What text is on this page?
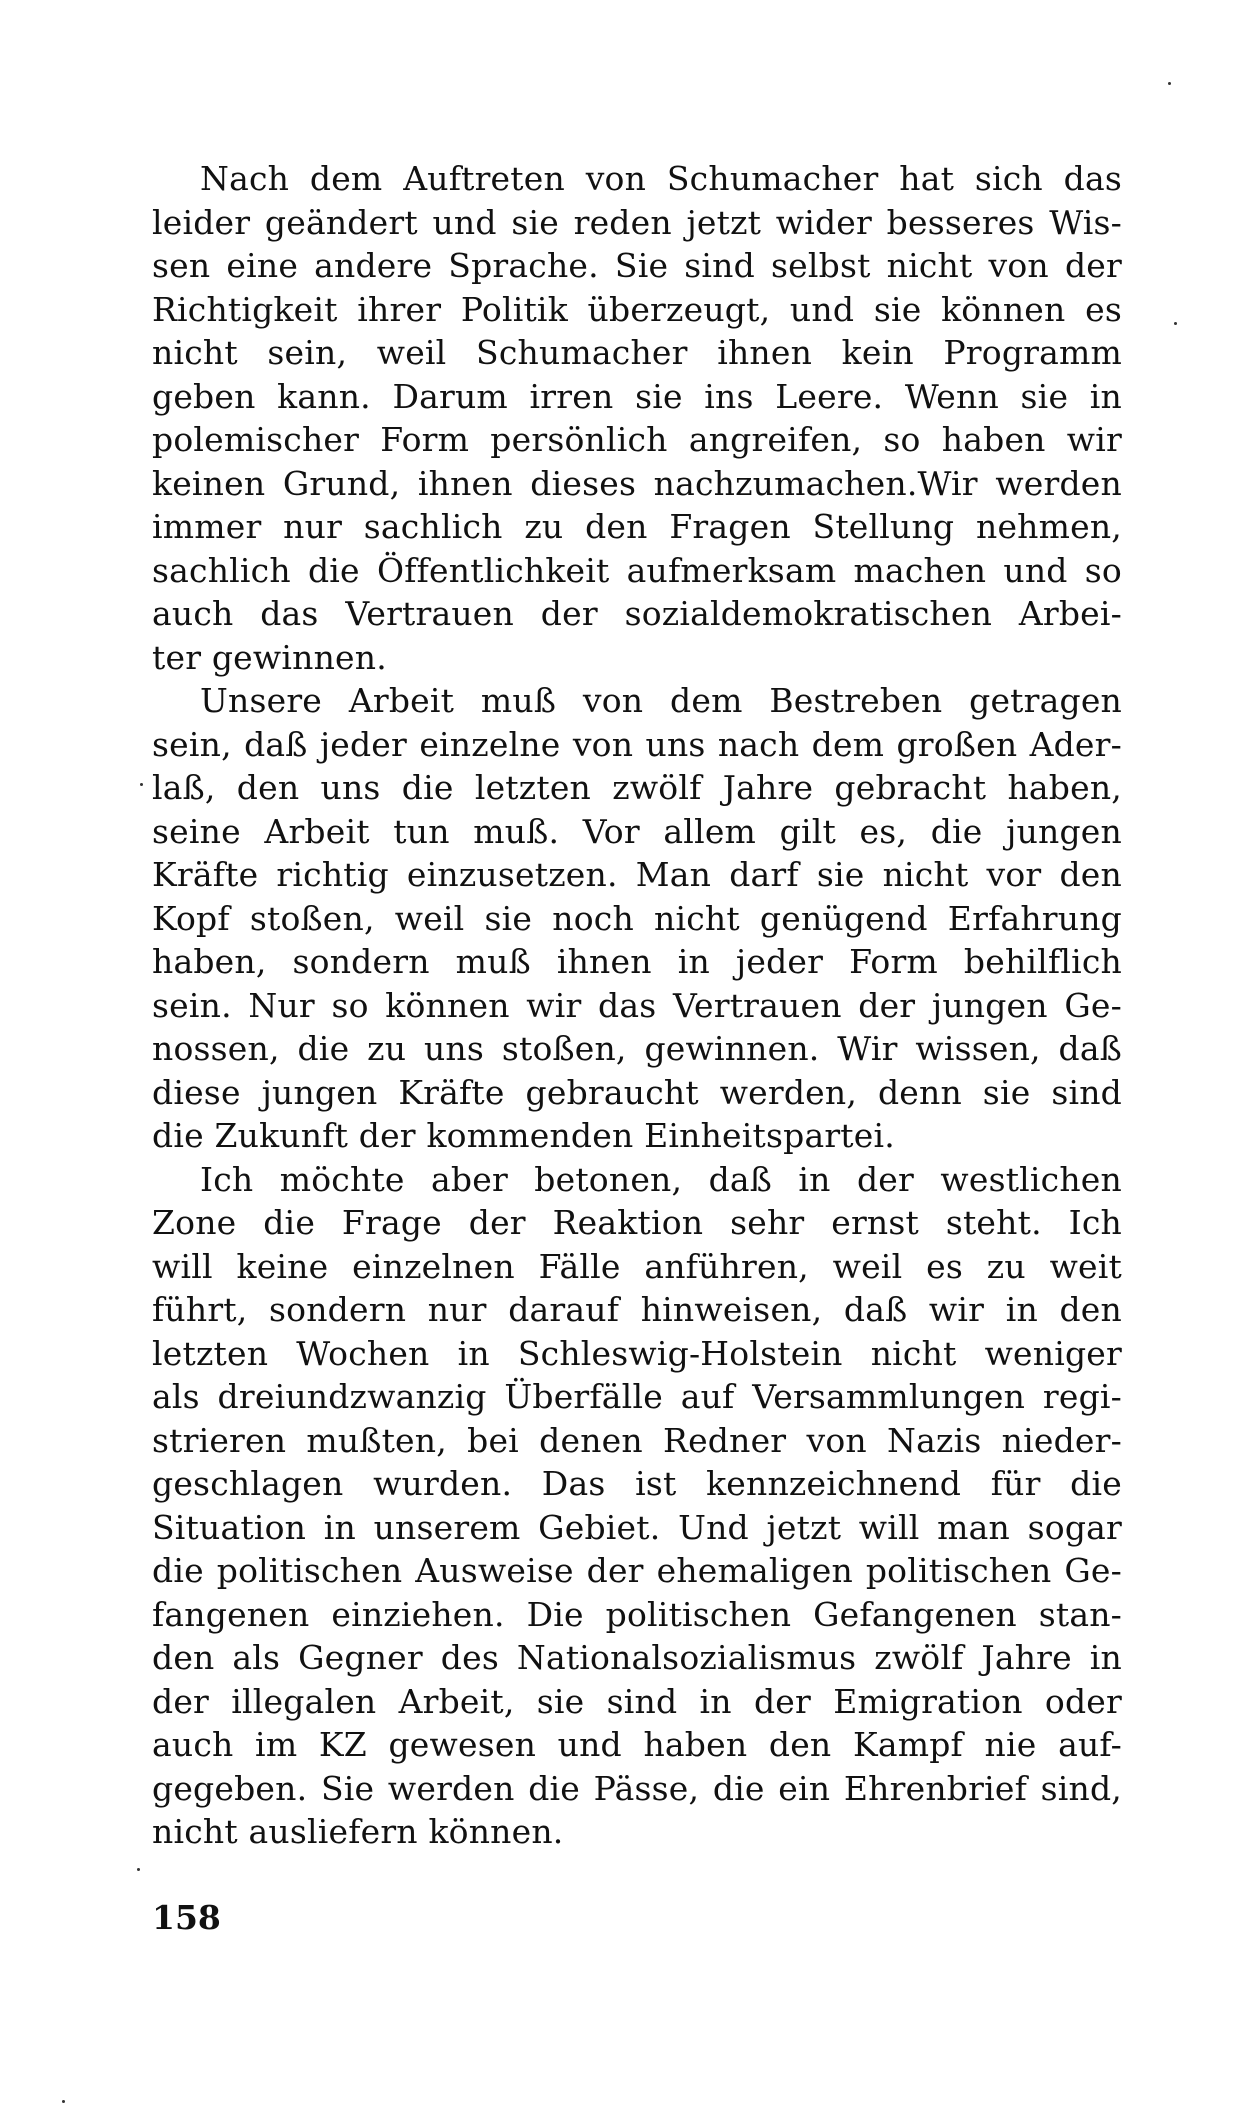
Nach dem Auftreten von Schumacher hat sich das
leider geändert und sie reden jetzt wider besseres Wis-
sen eine andere Sprache. Sie sind selbst nicht von der
Richtigkeit ihrer Politik überzeugt, und sie können es
nicht sein, weil Schumacher ihnen kein Programm
geben kann. Darum irren sie ins Leere. Wenn sie in
polemischer Form persönlich angreifen, so haben wir
keinen Grund, ihnen dieses nachzumachen.Wir werden
immer nur sachlich zu den Fragen Stellung nehmen,
sachlich die Öffentlichkeit aufmerksam machen und so
auch das Vertrauen der sozialdemokratischen Arbei-
ter gewinnen.
Unsere Arbeit muß von dem Bestreben getragen
sein, daß jeder einzelne von uns nach dem großen Ader-
laß, den uns die letzten zwölf Jahre gebracht haben,
seine Arbeit tun muß. Vor allem gilt es, die jungen
Kräfte richtig einzusetzen. Man darf sie nicht vor den
Kopf stoßen, weil sie noch nicht genügend Erfahrung
haben, sondern muß ihnen in jeder Form behilflich
sein. Nur so können wir das Vertrauen der jungen Ge-
nossen, die zu uns stoßen, gewinnen. Wir wissen, daß
diese jungen Kräfte gebraucht werden, denn sie sind
die Zukunft der kommenden Einheitspartei.
Ich möchte aber betonen, daß in der westlichen
Zone die Frage der Reaktion sehr ernst steht. Ich
will keine einzelnen Fälle anführen, weil es zu weit
führt, sondern nur darauf hinweisen, daß wir in den
letzten Wochen in Schleswig-Holstein nicht weniger
als dreiundzwanzig Überfälle auf Versammlungen regi-
strieren mußten, bei denen Redner von Nazis nieder-
geschlagen wurden. Das ist kennzeichnend für die
Situation in unserem Gebiet. Und jetzt will man sogar
die politischen Ausweise der ehemaligen politischen Ge-
fangenen einziehen. Die politischen Gefangenen stan-
den als Gegner des Nationalsozialismus zwölf Jahre in
der illegalen Arbeit, sie sind in der Emigration oder
auch im KZ gewesen und haben den Kampf nie auf-
gegeben. Sie werden die Pässe, die ein Ehrenbrief sind,
nicht ausliefern können.
158
